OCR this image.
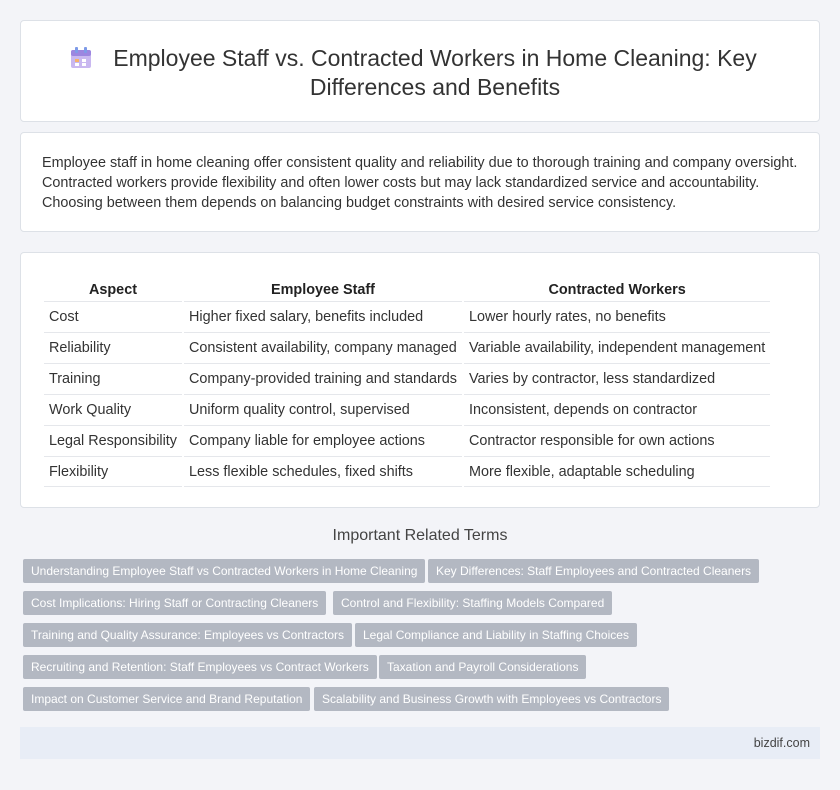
Employee Staff vs. Contracted Workers in Home Cleaning: Key Differences and Benefits

Employee staff in home cleaning offer consistent quality and reliability due to thorough training and company oversight. Contracted workers provide flexibility and often lower costs but may lack standardized service and accountability. Choosing between them depends on balancing budget constraints with desired service consistency.

Aspect	Employee Staff	Contracted Workers
Cost	Higher fixed salary, benefits included	Lower hourly rates, no benefits
Reliability	Consistent availability, company managed	Variable availability, independent management
Training	Company-provided training and standards	Varies by contractor, less standardized
Work Quality	Uniform quality control, supervised	Inconsistent, depends on contractor
Legal Responsibility	Company liable for employee actions	Contractor responsible for own actions
Flexibility	Less flexible schedules, fixed shifts	More flexible, adaptable scheduling
Important Related Terms
Understanding Employee Staff vs Contracted Workers in Home Cleaning	Key Differences: Staff Employees and Contracted Cleaners
Cost Implications: Hiring Staff or Contracting Cleaners	Control and Flexibility: Staffing Models Compared
Training and Quality Assurance: Employees vs Contractors	Legal Compliance and Liability in Staffing Choices
Recruiting and Retention: Staff Employees vs Contract Workers	Taxation and Payroll Considerations
Impact on Customer Service and Brand Reputation	Scalability and Business Growth with Employees vs Contractors
bizdif.com
